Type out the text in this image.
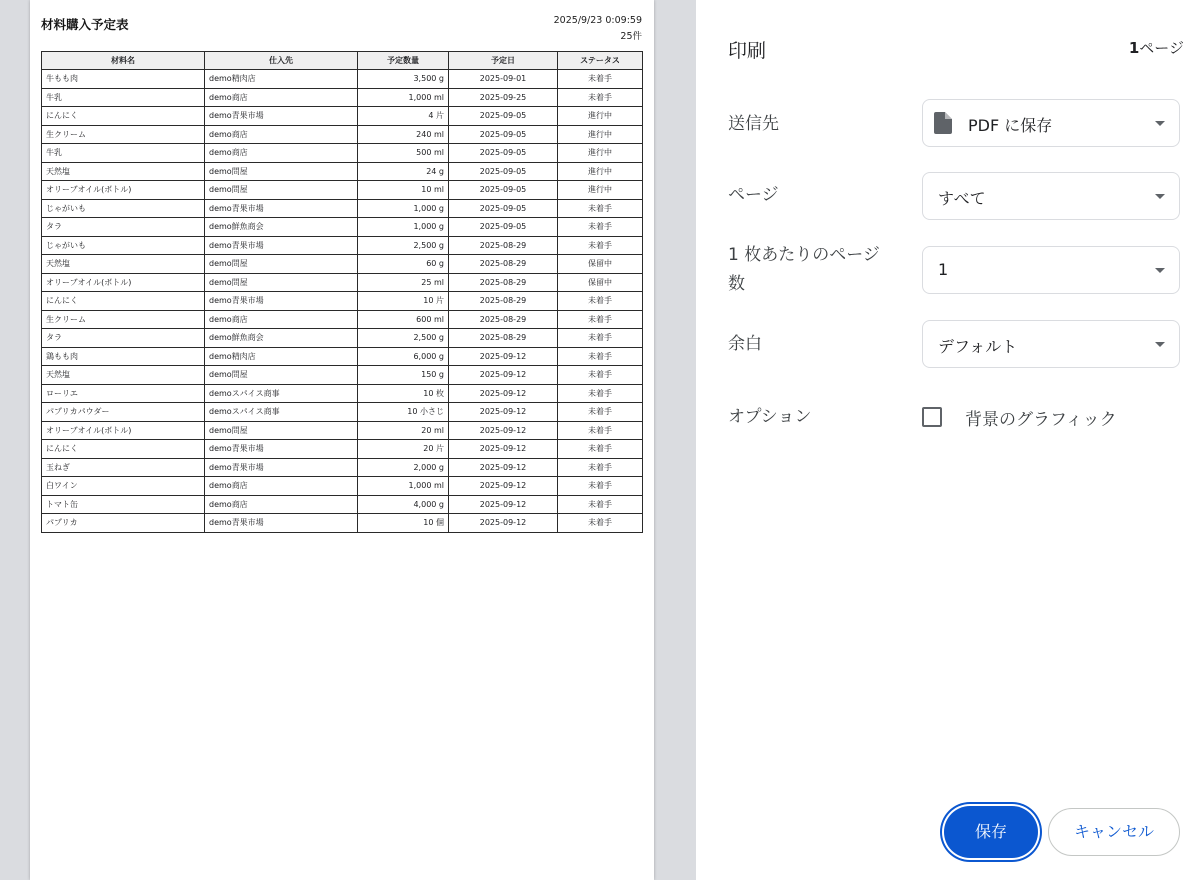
材料購入予定表	2025/9/23 0:09:59
25件
材料名	仕入先	予定数量	予定日	ステータス
牛もも肉	demo精肉店	3,500 g	2025-09-01	未着手
牛乳	demo商店	1,000 ml	2025-09-25	未着手
にんにく	demo青果市場	4 片	2025-09-05	進行中
生クリーム	demo商店	240 ml	2025-09-05	進行中
牛乳	demo商店	500 ml	2025-09-05	進行中
天然塩	demo問屋	24 g	2025-09-05	進行中
オリーブオイル(ボトル)	demo問屋	10 ml	2025-09-05	進行中
じゃがいも	demo青果市場	1,000 g	2025-09-05	未着手
タラ	demo鮮魚商会	1,000 g	2025-09-05	未着手
じゃがいも	demo青果市場	2,500 g	2025-08-29	未着手
天然塩	demo問屋	60 g	2025-08-29	保留中
オリーブオイル(ボトル)	demo問屋	25 ml	2025-08-29	保留中
にんにく	demo青果市場	10 片	2025-08-29	未着手
生クリーム	demo商店	600 ml	2025-08-29	未着手
タラ	demo鮮魚商会	2,500 g	2025-08-29	未着手
鶏もも肉	demo精肉店	6,000 g	2025-09-12	未着手
天然塩	demo問屋	150 g	2025-09-12	未着手
ローリエ	demoスパイス商事	10 枚	2025-09-12	未着手
パプリカパウダー	demoスパイス商事	10 小さじ	2025-09-12	未着手
オリーブオイル(ボトル)	demo問屋	20 ml	2025-09-12	未着手
にんにく	demo青果市場	20 片	2025-09-12	未着手
玉ねぎ	demo青果市場	2,000 g	2025-09-12	未着手
白ワイン	demo商店	1,000 ml	2025-09-12	未着手
トマト缶	demo商店	4,000 g	2025-09-12	未着手
パプリカ	demo青果市場	10 個	2025-09-12	未着手
印刷	1ページ
送信先	PDF に保存
ページ	すべて
1 枚あたりのページ
数
1
余白	デフォルト
オプション	背景のグラフィック
保存	キャンセル
